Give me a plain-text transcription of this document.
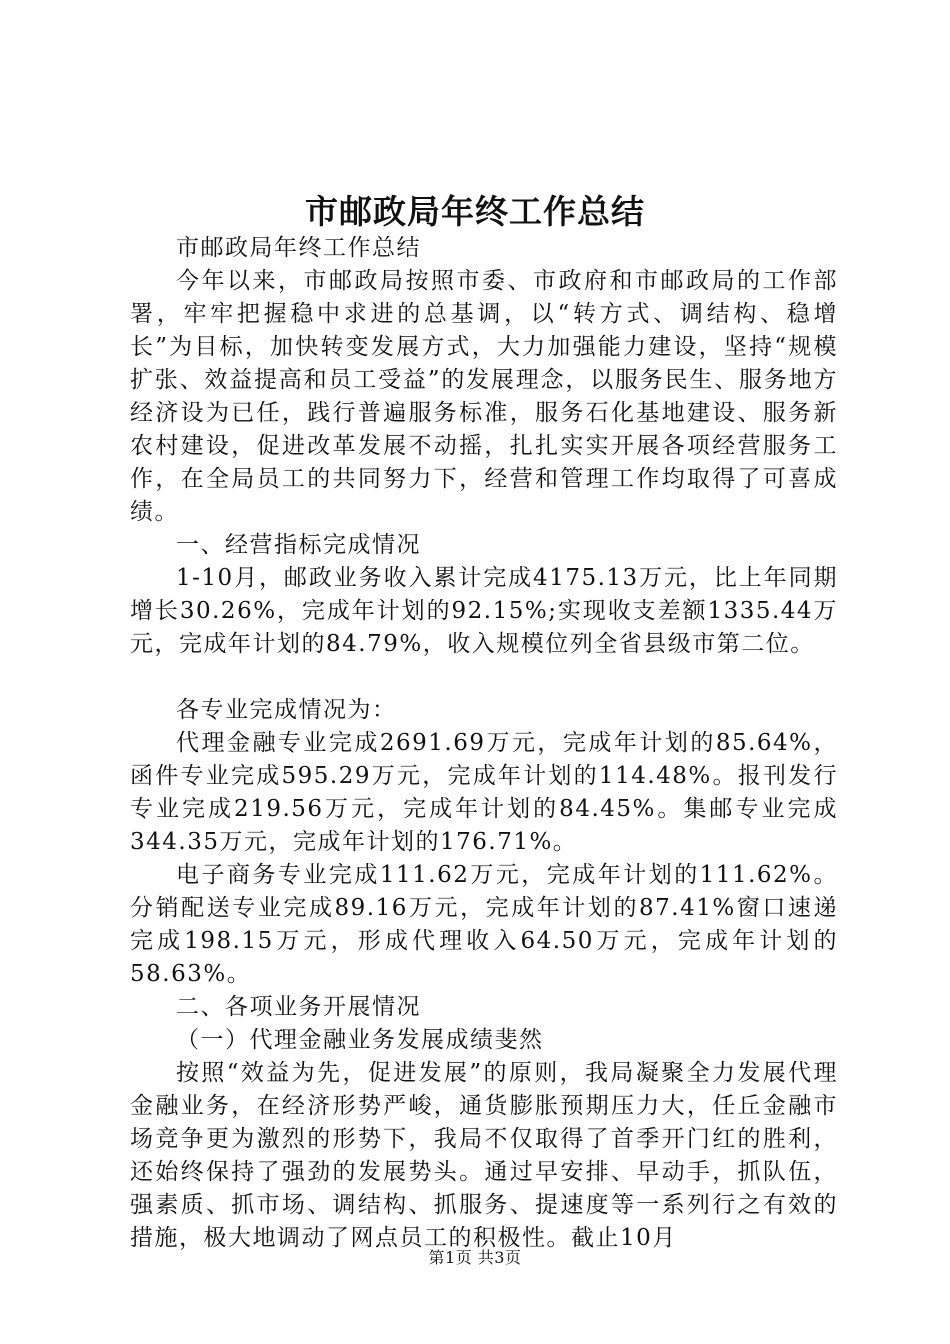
市邮政局年终工作总结

市邮政局年终工作总结

今年以来，市邮政局按照市委、市政府和市邮政局的工作部署，牢牢把握稳中求进的总基调，以“转方式、调结构、稳增长”为目标，加快转变发展方式，大力加强能力建设，坚持“规模扩张、效益提高和员工受益”的发展理念，以服务民生、服务地方经济设为已任，践行普遍服务标准，服务石化基地建设、服务新农村建设，促进改革发展不动摇，扎扎实实开展各项经营服务工作，在全局员工的共同努力下，经营和管理工作均取得了可喜成绩。

一、经营指标完成情况

1-10月，邮政业务收入累计完成4175.13万元，比上年同期增长30.26%，完成年计划的92.15%;实现收支差额1335.44万元，完成年计划的84.79%，收入规模位列全省县级市第二位。

各专业完成情况为：

代理金融专业完成2691.69万元，完成年计划的85.64%，函件专业完成595.29万元，完成年计划的114.48%。报刊发行专业完成219.56万元，完成年计划的84.45%。集邮专业完成344.35万元，完成年计划的176.71%。

电子商务专业完成111.62万元，完成年计划的111.62%。分销配送专业完成89.16万元，完成年计划的87.41%窗口速递完成198.15万元，形成代理收入64.50万元，完成年计划的58.63%。

二、各项业务开展情况

（一）代理金融业务发展成绩斐然

按照“效益为先，促进发展”的原则，我局凝聚全力发展代理金融业务，在经济形势严峻，通货膨胀预期压力大，任丘金融市场竞争更为激烈的形势下，我局不仅取得了首季开门红的胜利，还始终保持了强劲的发展势头。通过早安排、早动手，抓队伍，强素质、抓市场、调结构、抓服务、提速度等一系列行之有效的措施，极大地调动了网点员工的积极性。截止10月

第1页 共3页
